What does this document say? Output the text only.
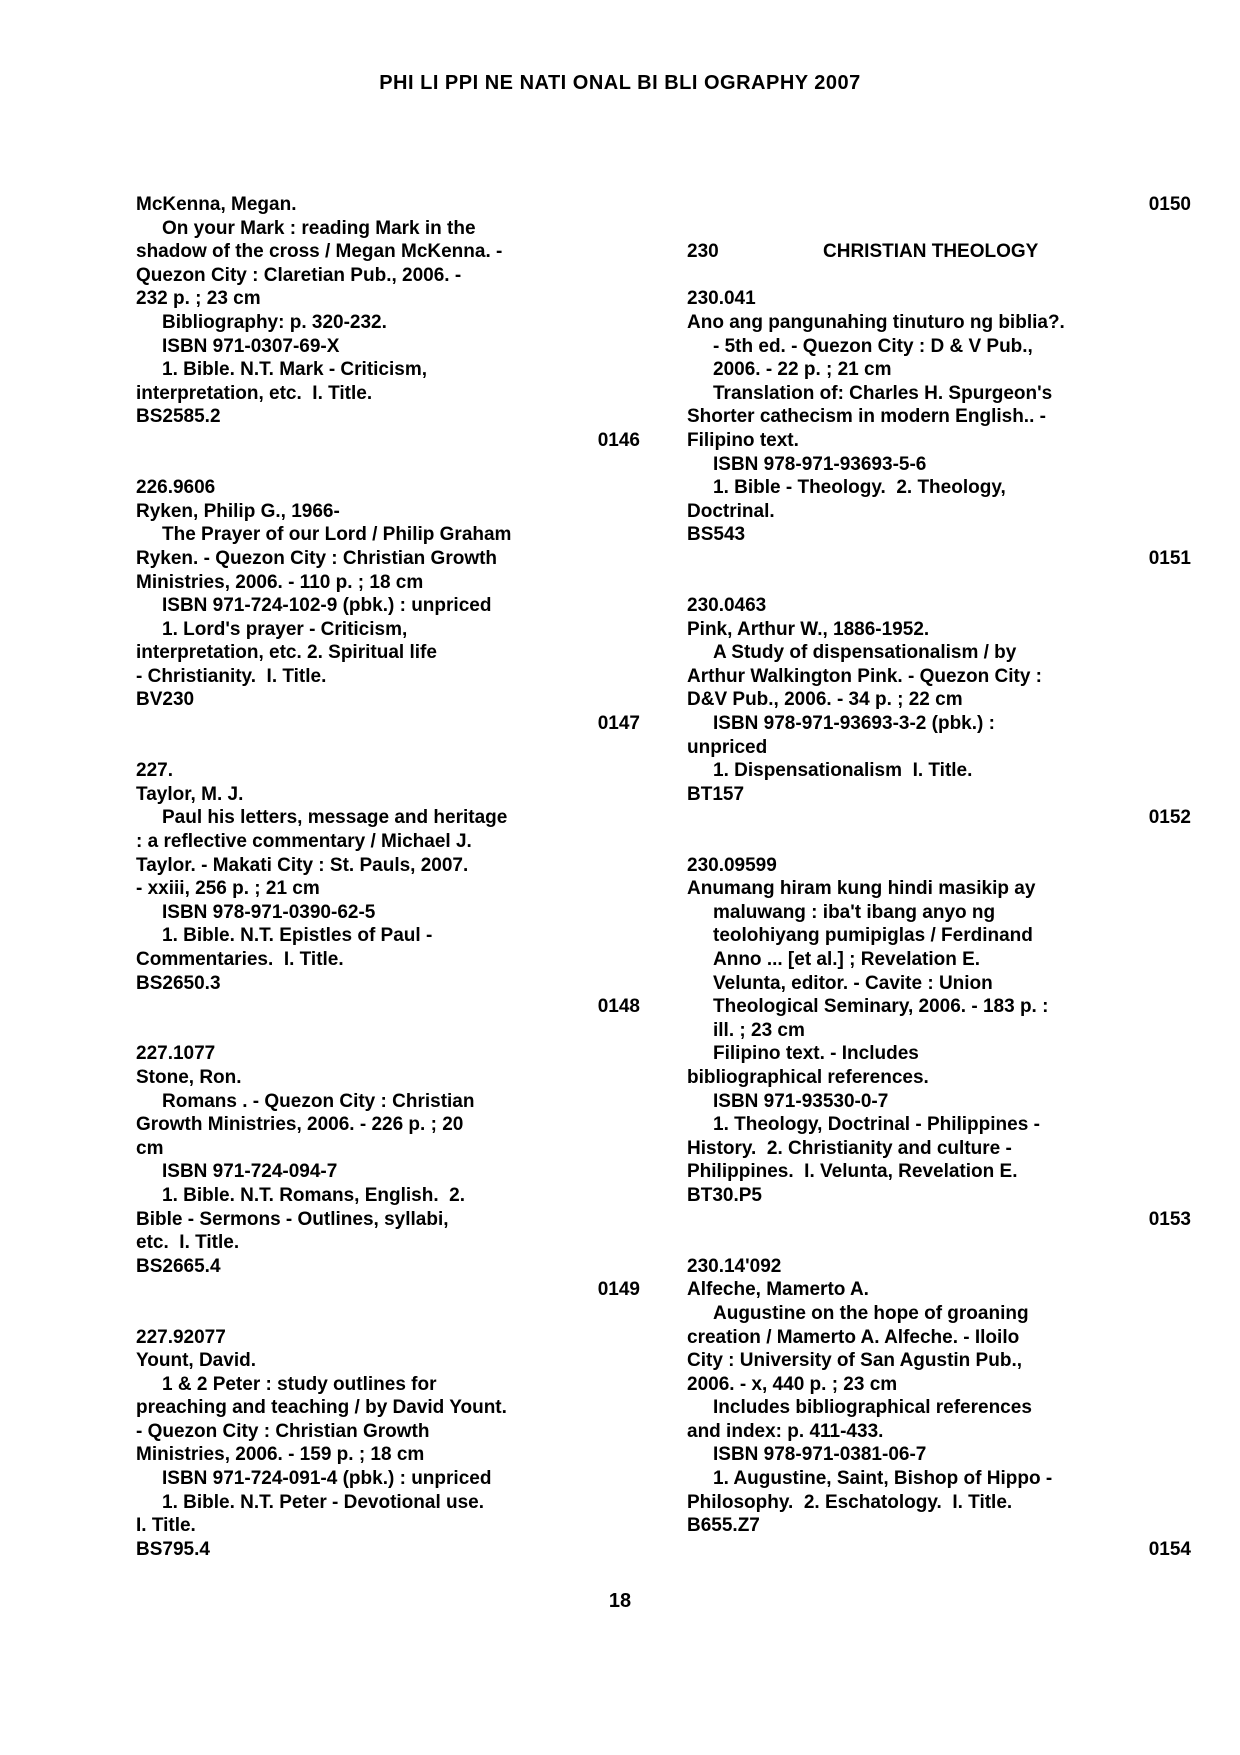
PHI LI PPI NE NATI ONAL BI BLI OGRAPHY 2007
McKenna, Megan.
On your Mark : reading Mark in the
shadow of the cross / Megan McKenna. -
Quezon City : Claretian Pub., 2006. -
232 p. ; 23 cm
Bibliography: p. 320-232.
ISBN 971-0307-69-X
1. Bible. N.T. Mark - Criticism,
interpretation, etc.  I. Title.
BS2585.2
0146
226.9606
Ryken, Philip G., 1966-
The Prayer of our Lord / Philip Graham
Ryken. - Quezon City : Christian Growth
Ministries, 2006. - 110 p. ; 18 cm
ISBN 971-724-102-9 (pbk.) : unpriced
1. Lord's prayer - Criticism,
interpretation, etc. 2. Spiritual life
- Christianity.  I. Title.
BV230
0147
227.
Taylor, M. J.
Paul his letters, message and heritage
: a reflective commentary / Michael J.
Taylor. - Makati City : St. Pauls, 2007.
- xxiii, 256 p. ; 21 cm
ISBN 978-971-0390-62-5
1. Bible. N.T. Epistles of Paul -
Commentaries.  I. Title.
BS2650.3
0148
227.1077
Stone, Ron.
Romans . - Quezon City : Christian
Growth Ministries, 2006. - 226 p. ; 20
cm
ISBN 971-724-094-7
1. Bible. N.T. Romans, English.  2.
Bible - Sermons - Outlines, syllabi,
etc.  I. Title.
BS2665.4
0149
227.92077
Yount, David.
1 & 2 Peter : study outlines for
preaching and teaching / by David Yount.
- Quezon City : Christian Growth
Ministries, 2006. - 159 p. ; 18 cm
ISBN 971-724-091-4 (pbk.) : unpriced
1. Bible. N.T. Peter - Devotional use.
I. Title.
BS795.4
0150
230	CHRISTIAN THEOLOGY
230.041
Ano ang pangunahing tinuturo ng biblia?.
- 5th ed. - Quezon City : D & V Pub.,
2006. - 22 p. ; 21 cm
Translation of: Charles H. Spurgeon's
Shorter cathecism in modern English.. -
Filipino text.
ISBN 978-971-93693-5-6
1. Bible - Theology.  2. Theology,
Doctrinal.
BS543
0151
230.0463
Pink, Arthur W., 1886-1952.
A Study of dispensationalism / by
Arthur Walkington Pink. - Quezon City :
D&V Pub., 2006. - 34 p. ; 22 cm
ISBN 978-971-93693-3-2 (pbk.) :
unpriced
1. Dispensationalism  I. Title.
BT157
0152
230.09599
Anumang hiram kung hindi masikip ay
maluwang : iba't ibang anyo ng
teolohiyang pumipiglas / Ferdinand
Anno ... [et al.] ; Revelation E.
Velunta, editor. - Cavite : Union
Theological Seminary, 2006. - 183 p. :
ill. ; 23 cm
Filipino text. - Includes
bibliographical references.
ISBN 971-93530-0-7
1. Theology, Doctrinal - Philippines -
History.  2. Christianity and culture -
Philippines.  I. Velunta, Revelation E.
BT30.P5
0153
230.14'092
Alfeche, Mamerto A.
Augustine on the hope of groaning
creation / Mamerto A. Alfeche. - Iloilo
City : University of San Agustin Pub.,
2006. - x, 440 p. ; 23 cm
Includes bibliographical references
and index: p. 411-433.
ISBN 978-971-0381-06-7
1. Augustine, Saint, Bishop of Hippo -
Philosophy.  2. Eschatology.  I. Title.
B655.Z7
0154
18
